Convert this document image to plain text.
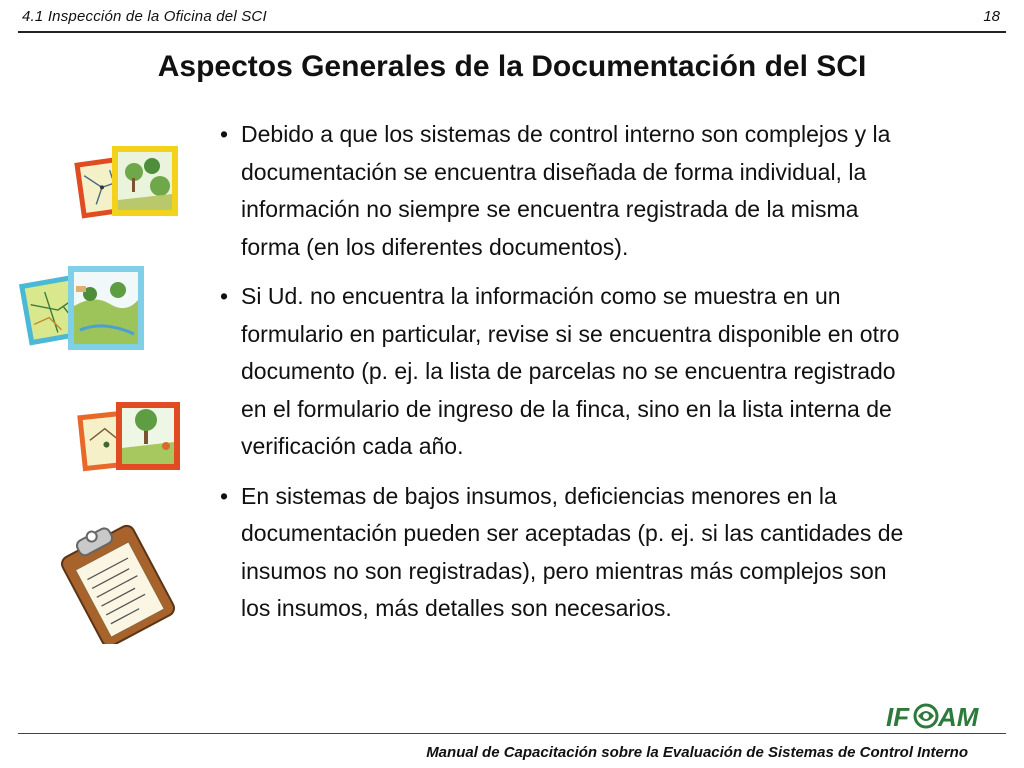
4.1 Inspección de la Oficina del SCI	18
Aspectos Generales de la Documentación del SCI
• Debido a que los sistemas de control interno son complejos y la documentación se encuentra diseñada de forma individual, la información no siempre se encuentra registrada de la misma forma (en los diferentes documentos).
• Si Ud. no encuentra la información como se muestra en un formulario en particular, revise si se encuentra disponible en otro documento (p. ej. la lista de parcelas no se encuentra registrado en el formulario de ingreso de la finca, sino en la lista interna de verificación cada año.
• En sistemas de bajos insumos, deficiencias menores en la documentación pueden ser aceptadas (p. ej. si las cantidades de insumos no son registradas), pero mientras más complejos son los insumos, más detalles son necesarios.
IF AM
Manual de Capacitación sobre la Evaluación de Sistemas de Control Interno
